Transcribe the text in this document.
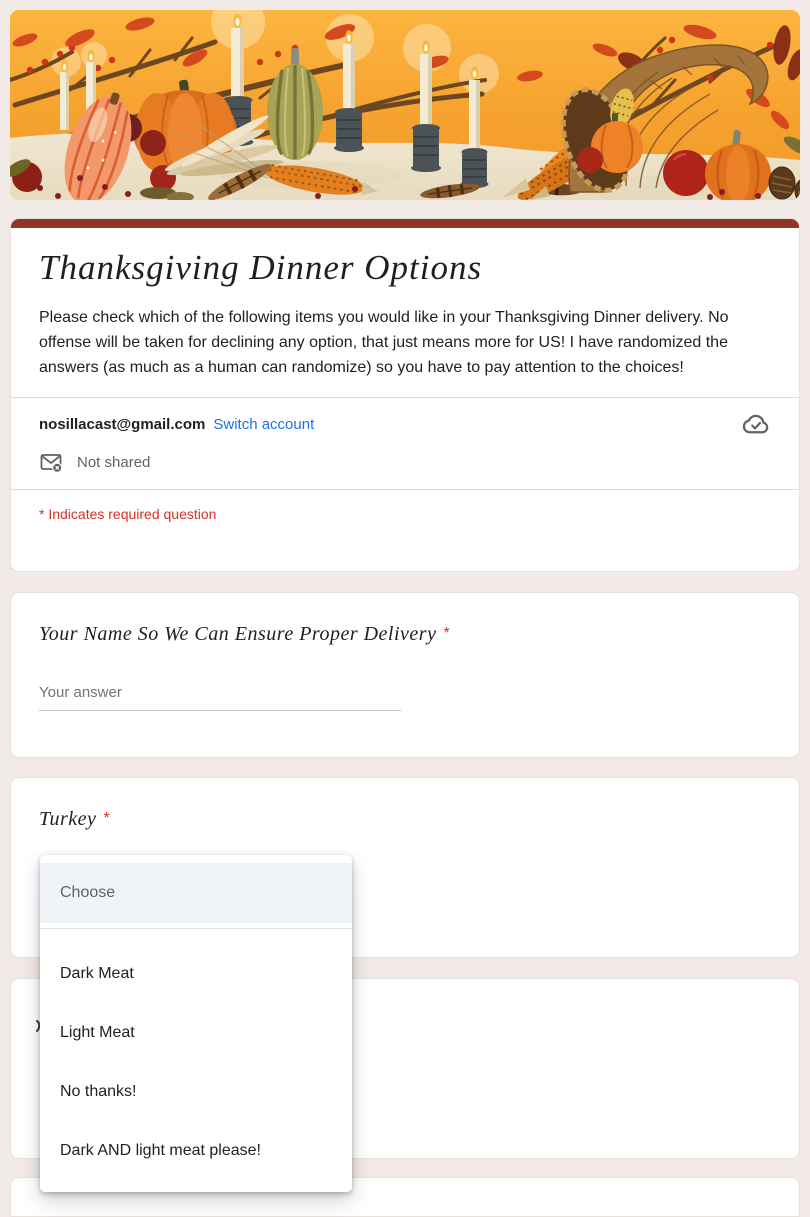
Thanksgiving Dinner Options
Please check which of the following items you would like in your Thanksgiving Dinner delivery. No offense will be taken for declining any option, that just means more for US! I have randomized the answers (as much as a human can randomize) so you have to pay attention to the choices!
nosillacast@gmail.com Switch account
Not shared
* Indicates required question
Your Name So We Can Ensure Proper Delivery *
Your answer
Turkey *
Choose
Dark Meat
Light Meat
No thanks!
Dark AND light meat please!
